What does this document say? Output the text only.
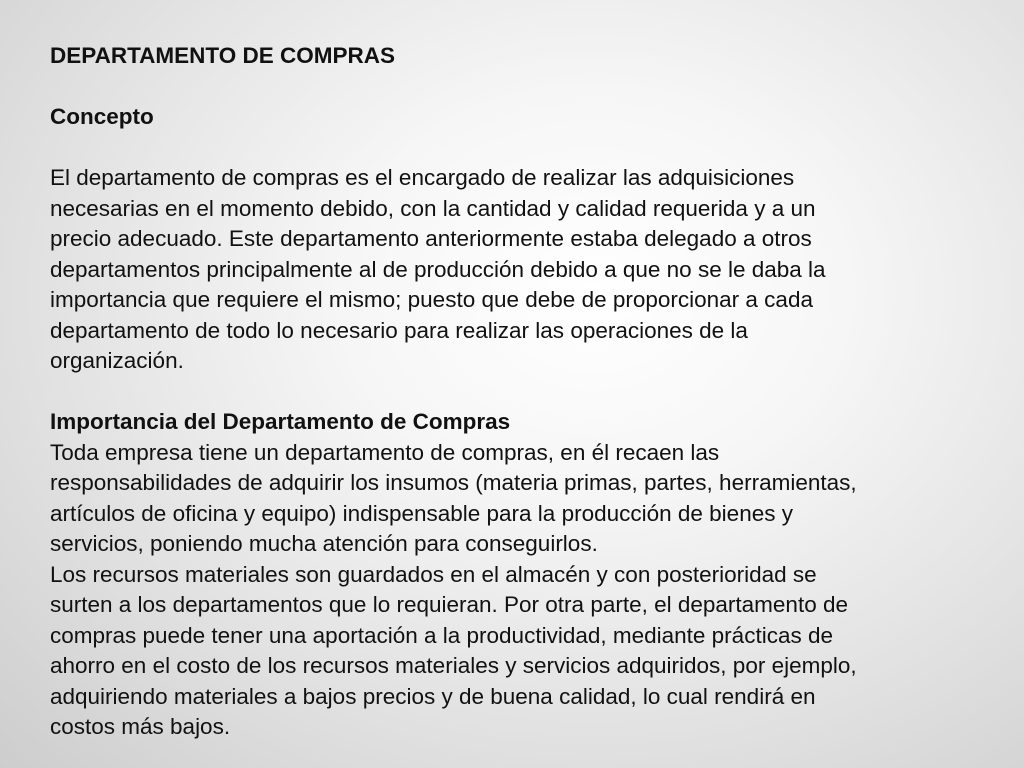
DEPARTAMENTO DE COMPRAS
Concepto
El departamento de compras es el encargado de realizar las adquisiciones
necesarias en el momento debido, con la cantidad y calidad requerida y a un
precio adecuado. Este departamento anteriormente estaba delegado a otros
departamentos principalmente al de producción debido a que no se le daba la
importancia que requiere el mismo; puesto que debe de proporcionar a cada
departamento de todo lo necesario para realizar las operaciones de la
organización.
Importancia del Departamento de Compras
Toda empresa tiene un departamento de compras, en él recaen las
responsabilidades de adquirir los insumos (materia primas, partes, herramientas,
artículos de oficina y equipo) indispensable para la producción de bienes y
servicios, poniendo mucha atención para conseguirlos.
Los recursos materiales son guardados en el almacén y con posterioridad se
surten a los departamentos que lo requieran. Por otra parte, el departamento de
compras puede tener una aportación a la productividad, mediante prácticas de
ahorro en el costo de los recursos materiales y servicios adquiridos, por ejemplo,
adquiriendo materiales a bajos precios y de buena calidad, lo cual rendirá en
costos más bajos.
